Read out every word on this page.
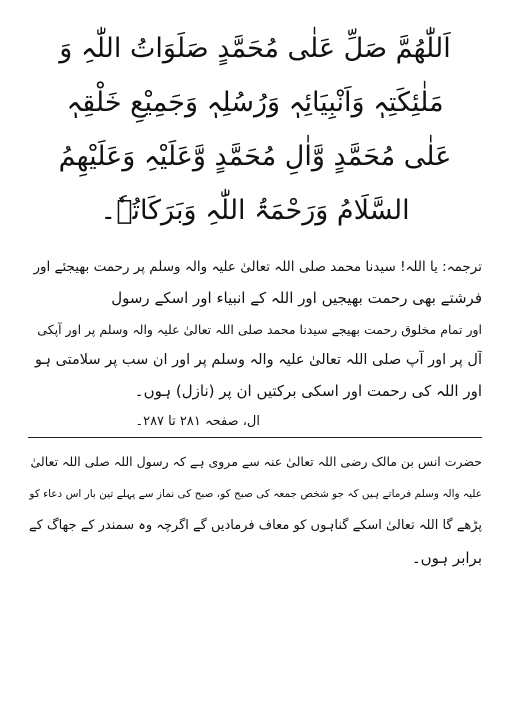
اَللّٰھُمَّ صَلِّ عَلٰی مُحَمَّدٍ صَلَوَاتُ اللّٰہِ وَ
مَلٰئِکَتِہٖ وَاَنْبِیَائِہٖ وَرُسُلِہٖ وَجَمِیْعِ خَلْقِہٖ
عَلٰی مُحَمَّدٍ وَّاٰلِ مُحَمَّدٍ وَّعَلَیْہِ وَعَلَیْھِمُ
السَّلَامُ وَرَحْمَۃُ اللّٰہِ وَبَرَکَاتُہٗ۔
ترجمہ: یا اللہ! سیدنا محمد صلی اللہ تعالیٰ علیہ والہ وسلم پر رحمت بھیجئے اور
فرشتے بھی رحمت بھیجیں اور اللہ کے انبیاء اور اسکے رسول
اور تمام مخلوق رحمت بھیجے سیدنا محمد صلی اللہ تعالیٰ علیہ والہ وسلم پر اور آپکی
آل پر اور آپ صلی اللہ تعالیٰ علیہ والہ وسلم پر اور ان سب پر سلامتی ہو
اور اللہ کی رحمت اور اسکی برکتیں ان پر (نازل) ہوں۔
ال، صفحہ ۲۸۱ تا ۲۸۷۔
حضرت انس بن مالک رضی اللہ تعالیٰ عنہ سے مروی ہے کہ رسول اللہ صلی اللہ تعالیٰ
علیہ والہ وسلم فرماتے ہیں کہ جو شخص جمعہ کی صبح کو، صبح کی نماز سے پہلے تین بار اس دعاء کو
پڑھے گا اللہ تعالیٰ اسکے گناہوں کو معاف فرمادیں گے اگرچہ وہ سمندر کے جھاگ کے
برابر ہوں۔
